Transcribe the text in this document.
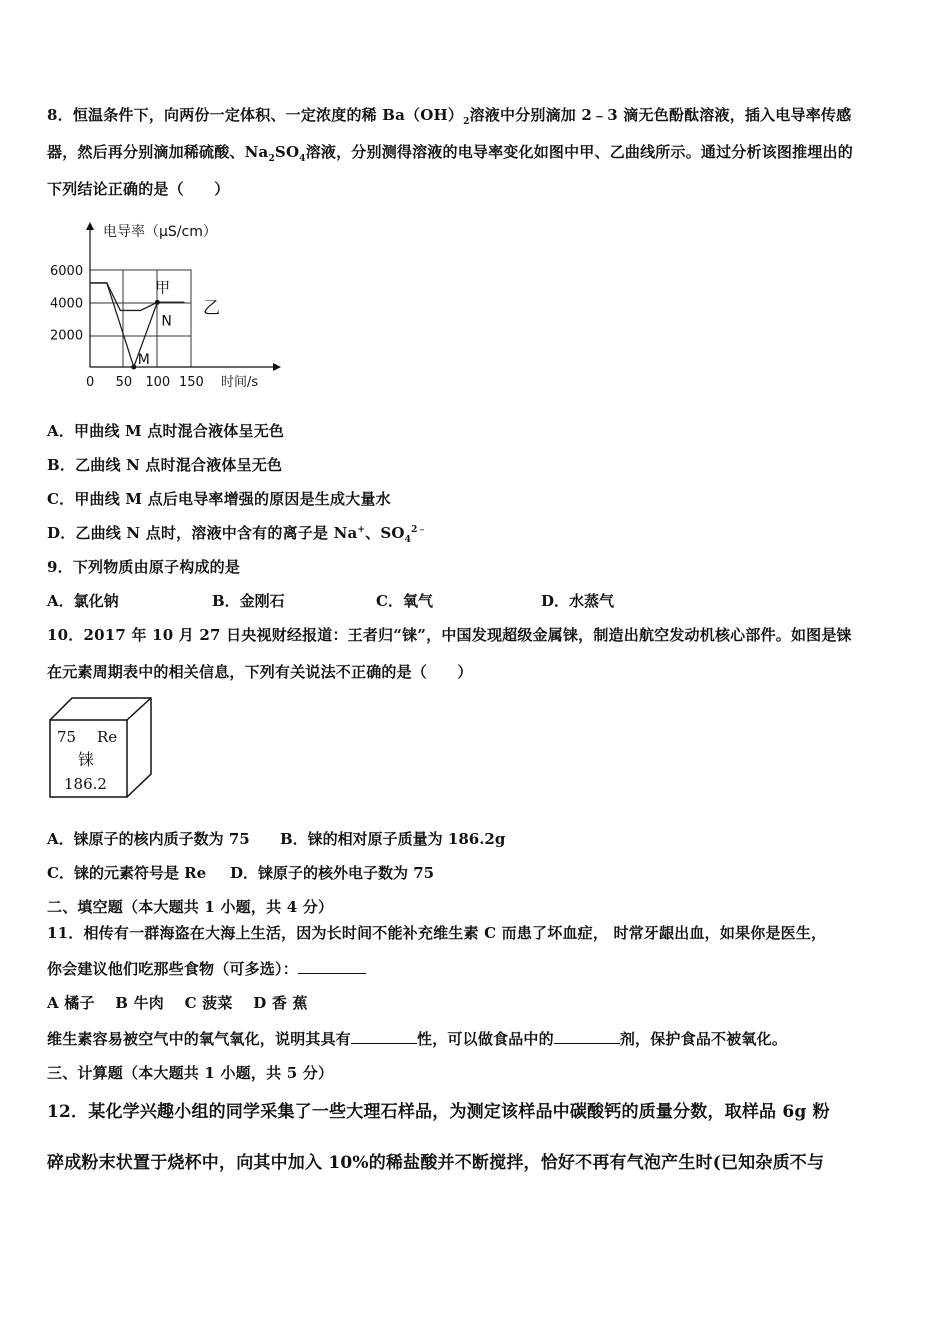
8．恒温条件下，向两份一定体积、一定浓度的稀 $Ba(OH)_2$溶液中分别滴加 2﹣3 滴无色酚酞溶液，插入电导率传感
器，然后再分别滴加稀硫酸、$Na_2SO_4$溶液，分别测得溶液的电导率变化如图中甲、乙曲线所示。通过分析该图推埋出的
下列结论正确的是（　　）
电导率（μS/cm）
时间/s
6000
4000
2000
0 50 100 150
M
N
甲
乙
A．甲曲线 M 点时混合液体呈无色
B．乙曲线 N 点时混合液体呈无色
C．甲曲线 M 点后电导率增强的原因是生成大量水
D．乙曲线 N 点时，溶液中含有的离子是 Na+、$SO_4^{2﹣}$
9．下列物质由原子构成的是
A．氯化钠	B．金刚石	C．氧气	D．水蒸气
10．2017 年 10 月 27 日央视财经报道：王者归“铼”，中国发现超级金属铼，制造出航空发动机核心部件。如图是铼
在元素周期表中的相关信息，下列有关说法不正确的是（　　）
75 Re
铼
186.2
A．铼原子的核内质子数为 75 B．铼的相对原子质量为 186.2g
C．铼的元素符号是 Re D．铼原子的核外电子数为 75
二、填空题（本大题共 1 小题，共 4 分）
11．相传有一群海盗在大海上生活，因为长时间不能补充维生素 C 而患了坏血症， 时常牙龈出血，如果你是医生，
你会建议他们吃那些食物（可多选）：
A 橘子　 B 牛肉　 C 菠菜　 D 香 蕉
维生素容易被空气中的氧气氧化，说明其具有	性，可以做食品中的	剂，保护食品不被氧化。
三、计算题（本大题共 1 小题，共 5 分）
12．某化学兴趣小组的同学采集了一些大理石样品，为测定该样品中碳酸钙的质量分数，取样品 6g 粉
碎成粉末状置于烧杯中，向其中加入 10%的稀盐酸并不断搅拌，恰好不再有气泡产生时(已知杂质不与
